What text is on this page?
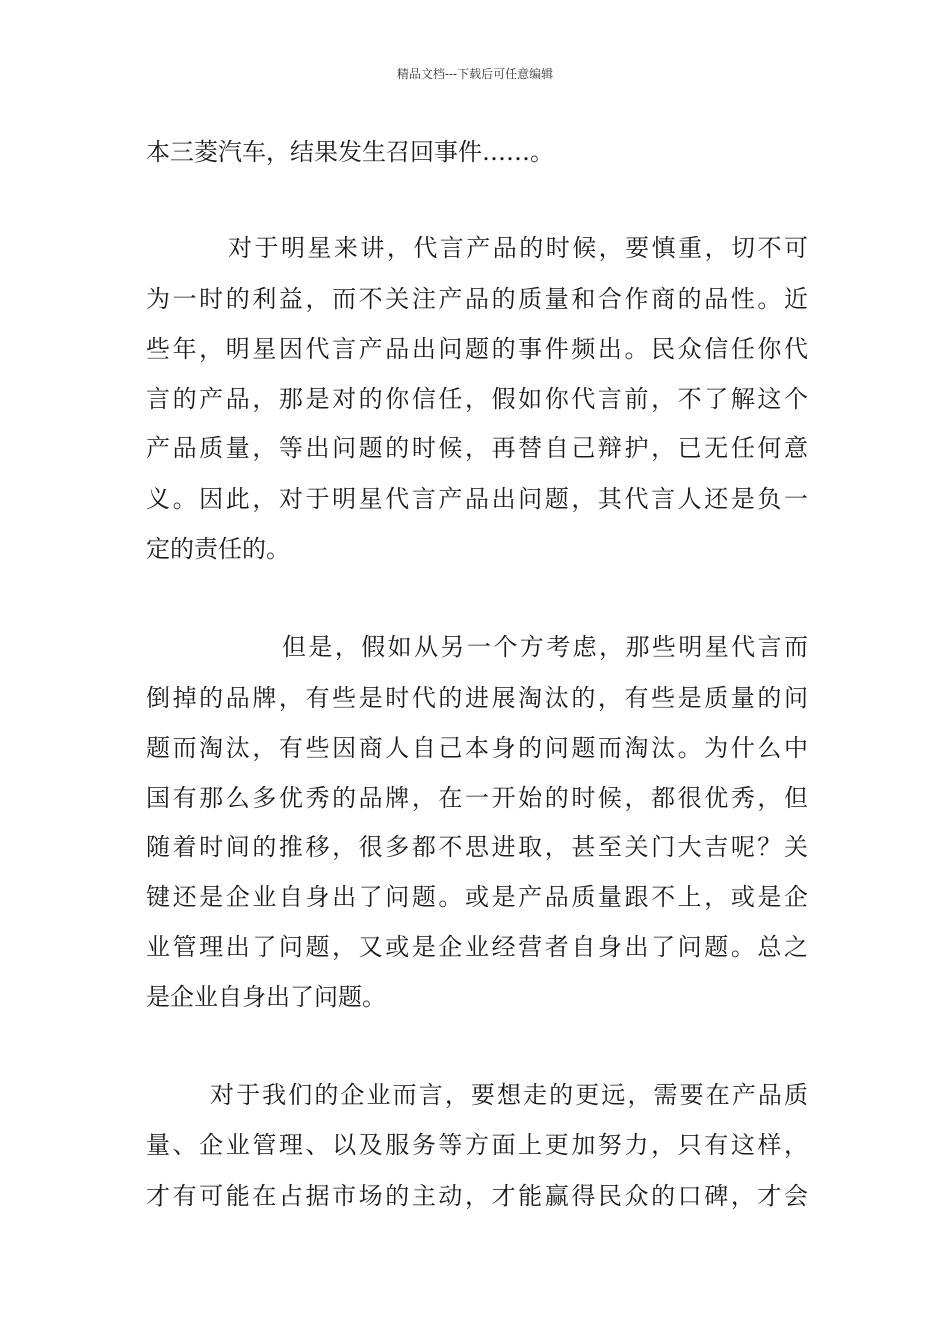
精品文档---下载后可任意编辑
本三菱汽车，结果发生召回事件……。
对于明星来讲，代言产品的时候，要慎重，切不可
为一时的利益，而不关注产品的质量和合作商的品性。近
些年，明星因代言产品出问题的事件频出。民众信任你代
言的产品，那是对的你信任，假如你代言前，不了解这个
产品质量，等出问题的时候，再替自己辩护，已无任何意
义。因此，对于明星代言产品出问题，其代言人还是负一
定的责任的。
但是，假如从另一个方考虑，那些明星代言而
倒掉的品牌，有些是时代的进展淘汰的，有些是质量的问
题而淘汰，有些因商人自己本身的问题而淘汰。为什么中
国有那么多优秀的品牌，在一开始的时候，都很优秀，但
随着时间的推移，很多都不思进取，甚至关门大吉呢？关
键还是企业自身出了问题。或是产品质量跟不上，或是企
业管理出了问题，又或是企业经营者自身出了问题。总之
是企业自身出了问题。
对于我们的企业而言，要想走的更远，需要在产品质
量、企业管理、以及服务等方面上更加努力，只有这样，
才有可能在占据市场的主动，才能赢得民众的口碑，才会
